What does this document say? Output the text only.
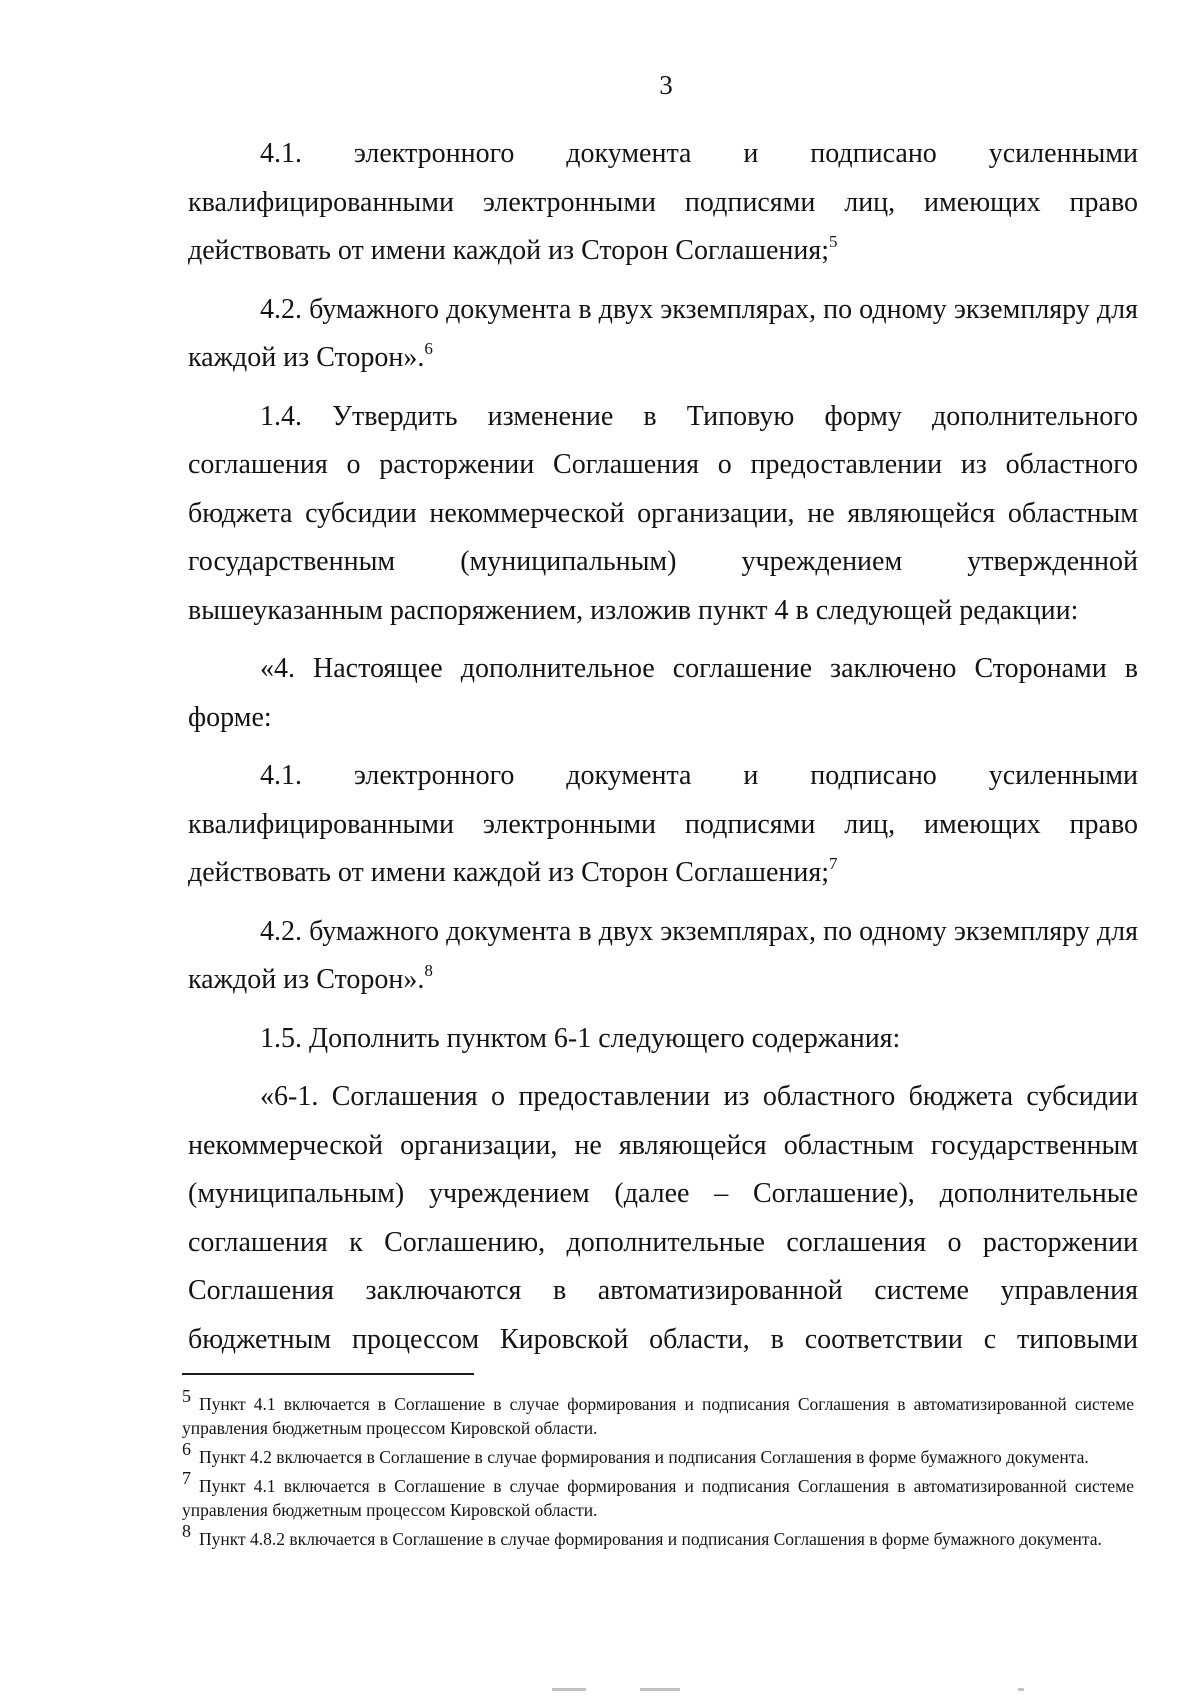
3

4.1. электронного документа и подписано усиленными квалифицированными электронными подписями лиц, имеющих право действовать от имени каждой из Сторон Соглашения;$^5$

4.2. бумажного документа в двух экземплярах, по одному экземпляру для каждой из Сторон».$^6$

1.4. Утвердить изменение в Типовую форму дополнительного соглашения о расторжении Соглашения о предоставлении из областного бюджета субсидии некоммерческой организации, не являющейся областным государственным (муниципальным) учреждением утвержденной вышеуказанным распоряжением, изложив пункт 4 в следующей редакции:

«4. Настоящее дополнительное соглашение заключено Сторонами в форме:

4.1. электронного документа и подписано усиленными квалифицированными электронными подписями лиц, имеющих право действовать от имени каждой из Сторон Соглашения;$^7$

4.2. бумажного документа в двух экземплярах, по одному экземпляру для каждой из Сторон».$^8$

1.5. Дополнить пунктом 6-1 следующего содержания:

«6-1. Соглашения о предоставлении из областного бюджета субсидии некоммерческой организации, не являющейся областным государственным (муниципальным) учреждением (далее – Соглашение), дополнительные соглашения к Соглашению, дополнительные соглашения о расторжении Соглашения заключаются в автоматизированной системе управления бюджетным процессом Кировской области, в соответствии с типовыми

$^5$ Пункт 4.1 включается в Соглашение в случае формирования и подписания Соглашения в автоматизированной системе управления бюджетным процессом Кировской области.

$^6$ Пункт 4.2 включается в Соглашение в случае формирования и подписания Соглашения в форме бумажного документа.

$^7$ Пункт 4.1 включается в Соглашение в случае формирования и подписания Соглашения в автоматизированной системе управления бюджетным процессом Кировской области.

$^8$ Пункт 4.8.2 включается в Соглашение в случае формирования и подписания Соглашения в форме бумажного документа.
